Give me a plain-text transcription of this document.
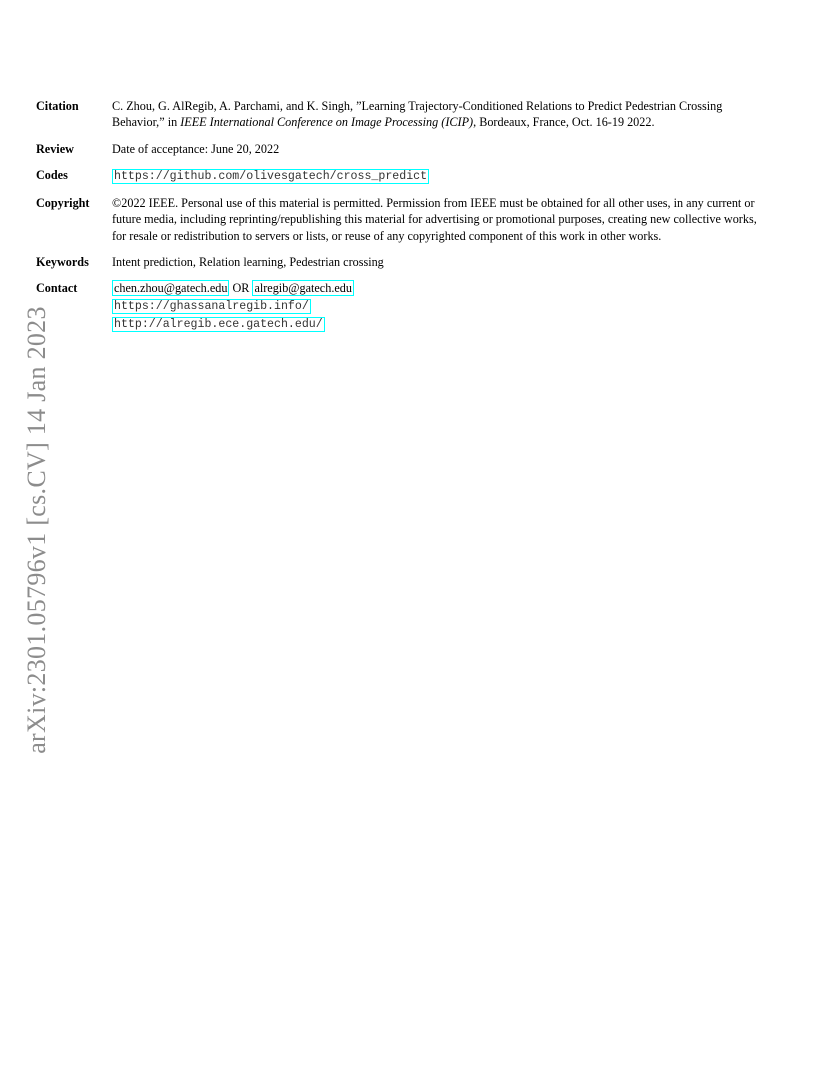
arXiv:2301.05796v1 [cs.CV] 14 Jan 2023
Citation	C. Zhou, G. AlRegib, A. Parchami, and K. Singh, ”Learning Trajectory-Conditioned Relations to Predict Pedestrian Crossing Behavior,” in IEEE International Conference on Image Processing (ICIP), Bordeaux, France, Oct. 16-19 2022.
Review	Date of acceptance: June 20, 2022
Codes	https://github.com/olivesgatech/cross_predict
Copyright	©2022 IEEE. Personal use of this material is permitted. Permission from IEEE must be obtained for all other uses, in any current or future media, including reprinting/republishing this material for advertising or promotional purposes, creating new collective works, for resale or redistribution to servers or lists, or reuse of any copyrighted component of this work in other works.
Keywords	Intent prediction, Relation learning, Pedestrian crossing
Contact	chen.zhou@gatech.edu OR alregib@gatech.edu
https://ghassanalregib.info/
http://alregib.ece.gatech.edu/
